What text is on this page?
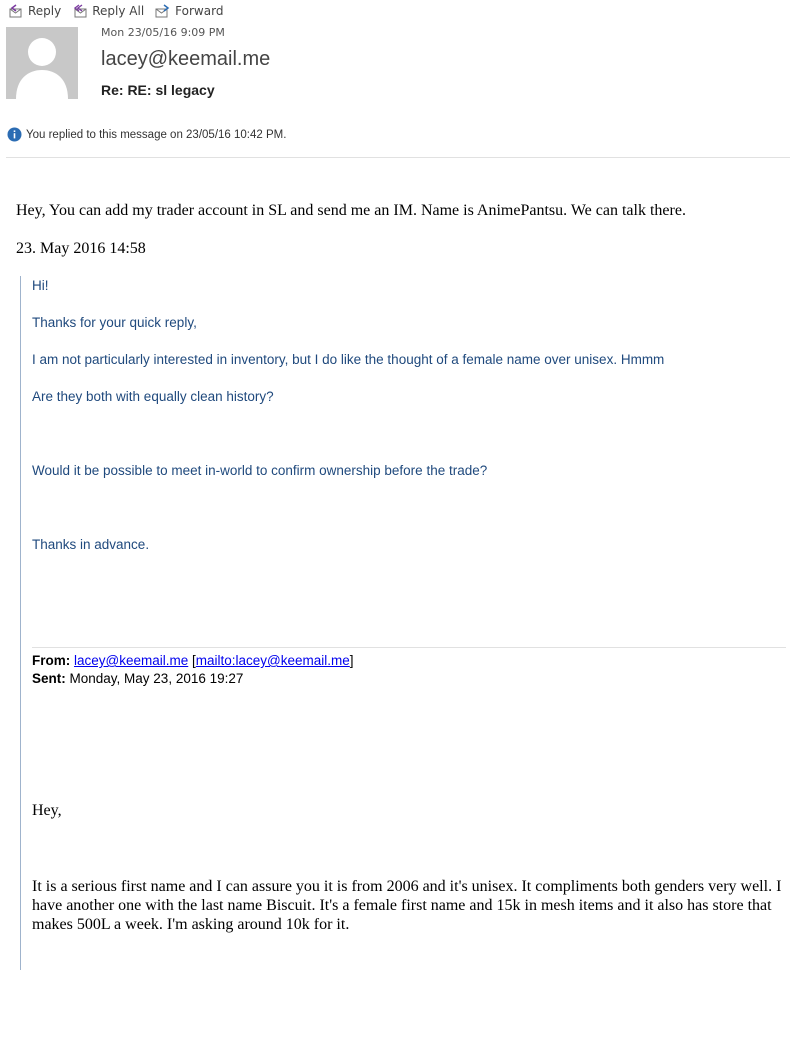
Reply	Reply All	Forward
Mon 23/05/16 9:09 PM
lacey@keemail.me
Re: RE: sl legacy
You replied to this message on 23/05/16 10:42 PM.
Hey, You can add my trader account in SL and send me an IM. Name is AnimePantsu. We can talk there.
23. May 2016 14:58
Hi!
Thanks for your quick reply,
I am not particularly interested in inventory, but I do like the thought of a female name over unisex. Hmmm
Are they both with equally clean history?
Would it be possible to meet in-world to confirm ownership before the trade?
Thanks in advance.
From: lacey@keemail.me [mailto:lacey@keemail.me]
Sent: Monday, May 23, 2016 19:27
Hey,
It is a serious first name and I can assure you it is from 2006 and it's unisex. It compliments both genders very well. I have another one with the last name Biscuit. It's a female first name and 15k in mesh items and it also has store that makes 500L a week. I'm asking around 10k for it.
